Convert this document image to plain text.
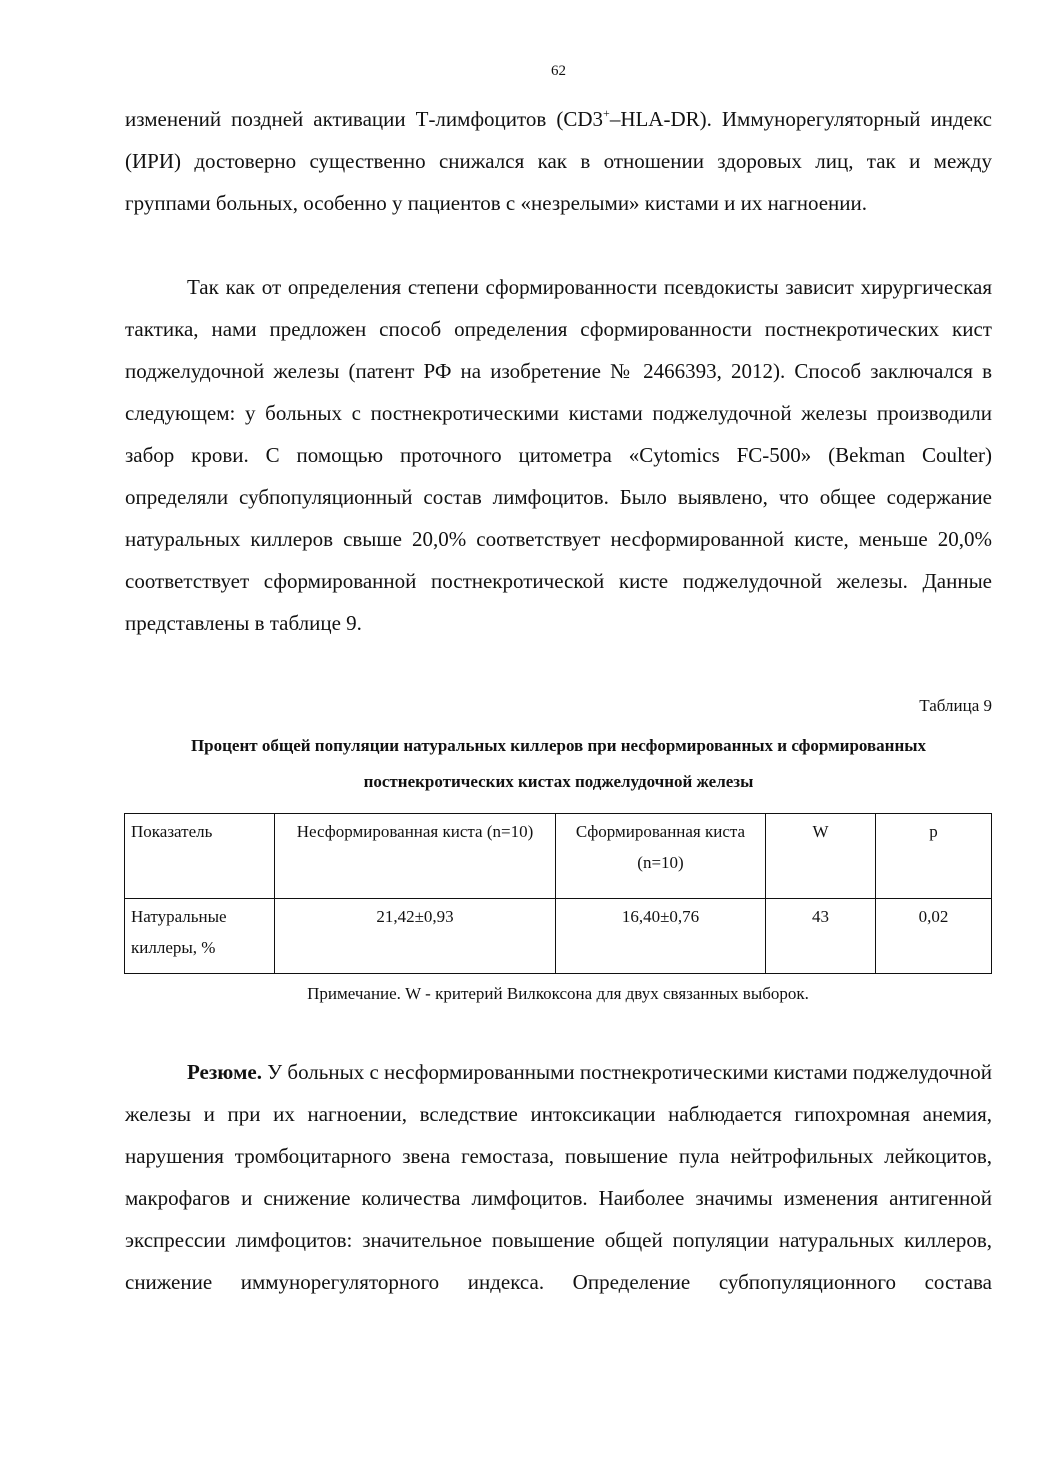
62

изменений поздней активации Т-лимфоцитов (CD3+–HLA-DR). Иммунорегуляторный индекс (ИРИ) достоверно существенно снижался как в отношении здоровых лиц, так и между группами больных, особенно у пациентов с «незрелыми» кистами и их нагноении.

Так как от определения степени сформированности псевдокисты зависит хирургическая тактика, нами предложен способ определения сформированности постнекротических кист поджелудочной железы (патент РФ на изобретение № 2466393, 2012). Способ заключался в следующем: у больных с постнекротическими кистами поджелудочной железы производили забор крови. С помощью проточного цитометра «Cytomics FC-500» (Bekman Coulter) определяли субпопуляционный состав лимфоцитов. Было выявлено, что общее содержание натуральных киллеров свыше 20,0% соответствует несформированной кисте, меньше 20,0% соответствует сформированной постнекротической кисте поджелудочной железы. Данные представлены в таблице 9.

Таблица 9
Процент общей популяции натуральных киллеров при несформированных и сформированных постнекротических кистах поджелудочной железы
Показатель	Несформированная киста (n=10)	Сформированная киста (n=10)	W	р
Натуральные киллеры, %	21,42±0,93	16,40±0,76	43	0,02
Примечание. W - критерий Вилкоксона для двух связанных выборок.

Резюме. У больных с несформированными постнекротическими кистами поджелудочной железы и при их нагноении, вследствие интоксикации наблюдается гипохромная анемия, нарушения тромбоцитарного звена гемостаза, повышение пула нейтрофильных лейкоцитов, макрофагов и снижение количества лимфоцитов. Наиболее значимы изменения антигенной экспрессии лимфоцитов: значительное повышение общей популяции натуральных киллеров, снижение иммунорегуляторного индекса. Определение субпопуляционного состава
